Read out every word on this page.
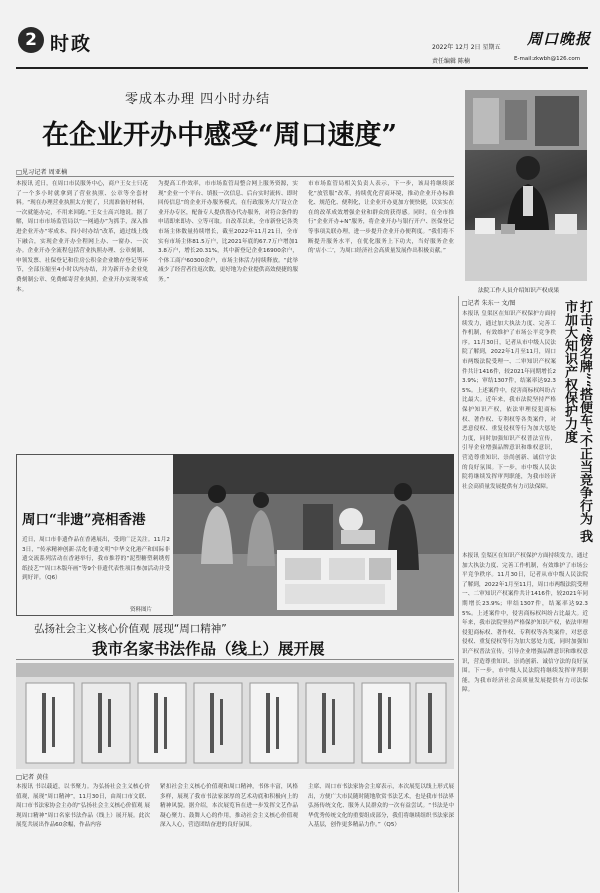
2 时政	2022年 12月 2日 星期五 周口晚报
责任编辑 陈楠	E-mail:zkwbh@126.com
零成本办理 四小时办结
在企业开办中感受“周口速度”
法院工作人员介绍知识产权成果
□见习记者 周亚楠
本报讯 近日，在周口市民服务中心，商户王女士只花了一个多小时就拿到了营业执照、公章等全套材料。“现在办理营业执照太方便了，只需准备好材料，一次就能办完，不用来回跑。”王女士高兴地说。据了解，周口市市场监管局以“一网通办”为抓手，深入推进企业开办“零成本、四小时办结”改革，通过线上线下融合，实现企业开办全程网上办、一窗办、一次办。企业开办全流程包括营业执照办理、公章刻制、申领发票、社保登记和住房公积金企业缴存登记等环节，全部压缩至4小时以内办结，并为新开办企业免费刻制公章、免费邮寄营业执照，企业开办实现零成本。
为提高工作效率，市市场监管局整合网上服务资源，实现“企业一个平台、填报一次信息、后台实时流转、即时回传信息”的企业开办服务模式。在行政服务大厅设立企业开办专区，配备专人提供帮办代办服务，对符合条件的申请即来即办、立等可取。自改革以来，全市新登记各类市场主体数量持续增长，截至2022年11月21日，全市实有市场主体81.5万户，比2021年底的67.7万户增加13.8万户，增长20.31%，其中新登记企业16900余户，个体工商户60300余户，市场主体活力持续释放。“此举减少了经营者往返次数，更好地为企业提供高效便捷的服务。”
市市场监管局相关负责人表示，下一步，该局将继续深化“放管服”改革，持续优化营商环境，推动企业开办标准化、规范化、便利化，让企业开办更加方便快捷，以实实在在的改革成效增强企业和群众的获得感。同时，在全市推行“企业开办+N”服务，将企业开办与银行开户、医保登记等事项关联办理，进一步提升企业开办便利度。“我们将不断提升服务水平，在优化服务上下功夫，当好服务企业的‘店小二’，为周口经济社会高质量发展作出积极贡献。”
打击“傍名牌”“搭便车”不正当竞争行为 我市加大知识产权保护力度
□记者 朱东一 文/图
本报讯 皇渠区在知识产权保护方面持续发力，通过加大执法力度、完善工作机制，有效维护了市场公平竞争秩序。11月30日，记者从市中级人民法院了解到，2022年1月至11月，周口市两级法院受理一、二审知识产权案件共计1416件，较2021年同期增长23.9%；审结1307件，结案率达92.35%。上述案件中，侵害商标权纠纷占比最大。近年来，我市法院坚持严格保护知识产权，依法审理侵犯商标权、著作权、专利权等各类案件，对恶意侵权、重复侵权等行为加大惩处力度，同时加强知识产权普法宣传，引导企业增强品牌意识和维权意识，营造尊重知识、崇尚创新、诚信守法的良好氛围。下一步，市中级人民法院将继续发挥审判职能，为我市经济社会高质量发展提供有力司法保障。
本报讯 皇渠区在知识产权保护方面持续发力，通过加大执法力度、完善工作机制，有效维护了市场公平竞争秩序。11月30日，记者从市中级人民法院了解到，2022年1月至11月，周口市两级法院受理一、二审知识产权案件共计1416件，较2021年同期增长23.9%；审结1307件，结案率达92.35%。上述案件中，侵害商标权纠纷占比最大。近年来，我市法院坚持严格保护知识产权，依法审理侵犯商标权、著作权、专利权等各类案件，对恶意侵权、重复侵权等行为加大惩处力度，同时加强知识产权普法宣传，引导企业增强品牌意识和维权意识，营造尊重知识、崇尚创新、诚信守法的良好氛围。下一步，市中级人民法院将继续发挥审判职能，为我市经济社会高质量发展提供有力司法保障。
周口“非遗”亮相香港
近日，周口市非遗作品在香港展出，受到广泛关注。11月23日，“传承精神创新·活化非遗文明”中华文化港产和国际非遗交流系列活动在香港举行，我市推荐的“泥塑糖塑刺绣剪纸技艺”“周口木版年画”等9个非遗代表性项目参加活动并受到好评。（Q6）
资料图片
弘扬社会主义核心价值观 展现“周口精神”
我市名家书法作品（线上）展开展
□记者 黄佳
本报讯 书以载道，以书聚力。为弘扬社会主义核心价值观，展现“周口精神”，11月30日，由周口市文联、周口市书法家协会主办的“弘扬社会主义核心价值观 展现周口精神”周口名家书法作品（线上）展开展。此次展览共展出作品60余幅，作品内容
紧扣社会主义核心价值观和周口精神，书体丰富，风格多样，展现了我市书法家深厚的艺术功底和积极向上的精神风貌。据介绍，本次展览旨在进一步发挥文艺作品凝心聚力、鼓舞人心的作用，推动社会主义核心价值观深入人心，营造团结奋进的良好氛围。
主席、周口市书法家协会主席表示，本次展览以线上形式展出，方便广大市民随时随地欣赏书法艺术，也是我市书法界弘扬传统文化、服务人民群众的一次有益尝试。“书法是中华优秀传统文化的重要组成部分，我们将继续组织书法家深入基层，创作更多精品力作。”（Q5）
